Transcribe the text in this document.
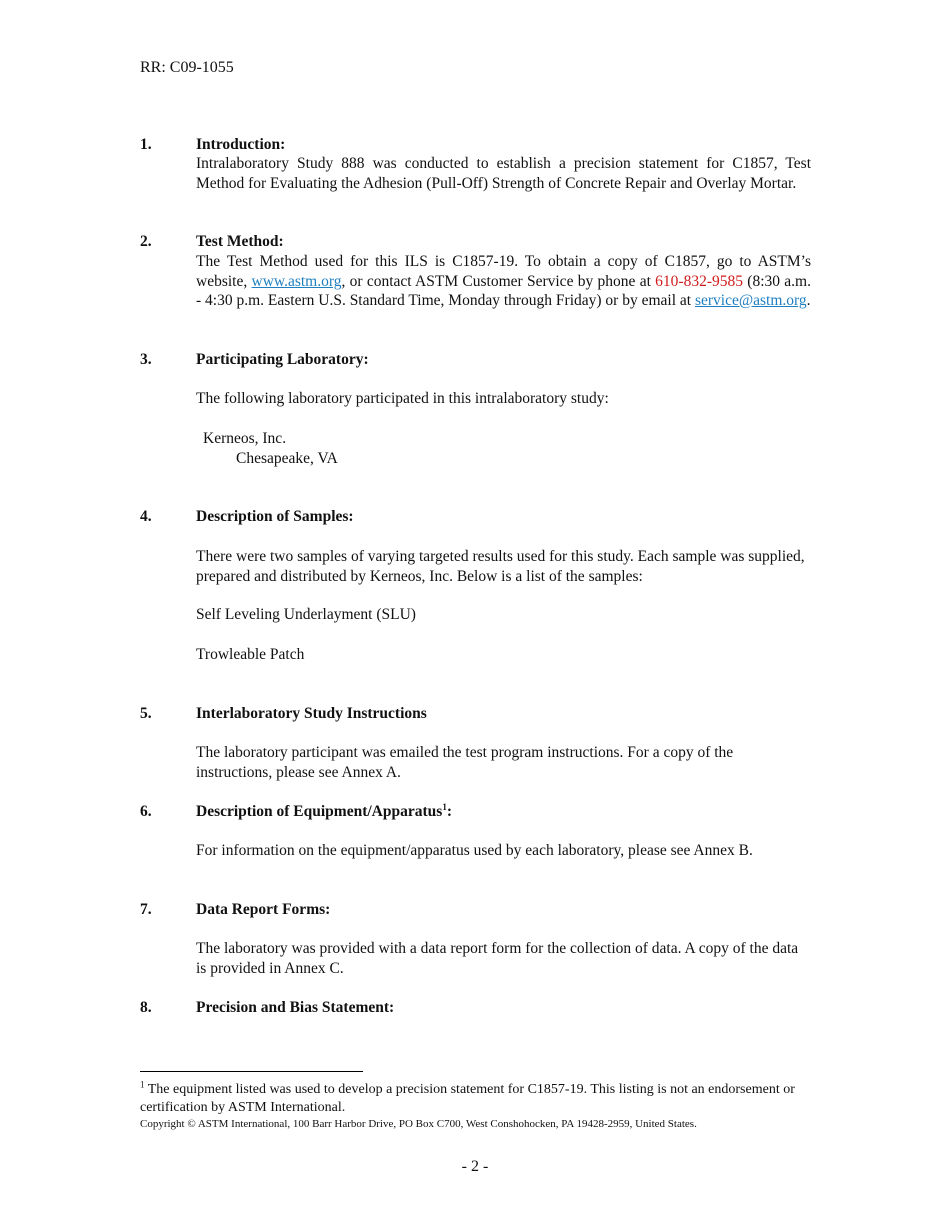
RR: C09-1055
1.	Introduction:
Intralaboratory Study 888 was conducted to establish a precision statement for C1857, Test Method for Evaluating the Adhesion (Pull-Off) Strength of Concrete Repair and Overlay Mortar.
2.	Test Method:
The Test Method used for this ILS is C1857-19. To obtain a copy of C1857, go to ASTM’s website, www.astm.org, or contact ASTM Customer Service by phone at 610-832-9585 (8:30 a.m. - 4:30 p.m. Eastern U.S. Standard Time, Monday through Friday) or by email at service@astm.org.
3.	Participating Laboratory:
The following laboratory participated in this intralaboratory study:
Kerneos, Inc.
Chesapeake, VA
4.	Description of Samples:
There were two samples of varying targeted results used for this study. Each sample was supplied, prepared and distributed by Kerneos, Inc. Below is a list of the samples:
Self Leveling Underlayment (SLU)
Trowleable Patch
5.	Interlaboratory Study Instructions
The laboratory participant was emailed the test program instructions. For a copy of the instructions, please see Annex A.
6.	Description of Equipment/Apparatus$^1$:
For information on the equipment/apparatus used by each laboratory, please see Annex B.
7.	Data Report Forms:
The laboratory was provided with a data report form for the collection of data. A copy of the data is provided in Annex C.
8.	Precision and Bias Statement:
$^1$ The equipment listed was used to develop a precision statement for C1857-19. This listing is not an endorsement or certification by ASTM International.
Copyright © ASTM International, 100 Barr Harbor Drive, PO Box C700, West Conshohocken, PA 19428-2959, United States.
- 2 -
